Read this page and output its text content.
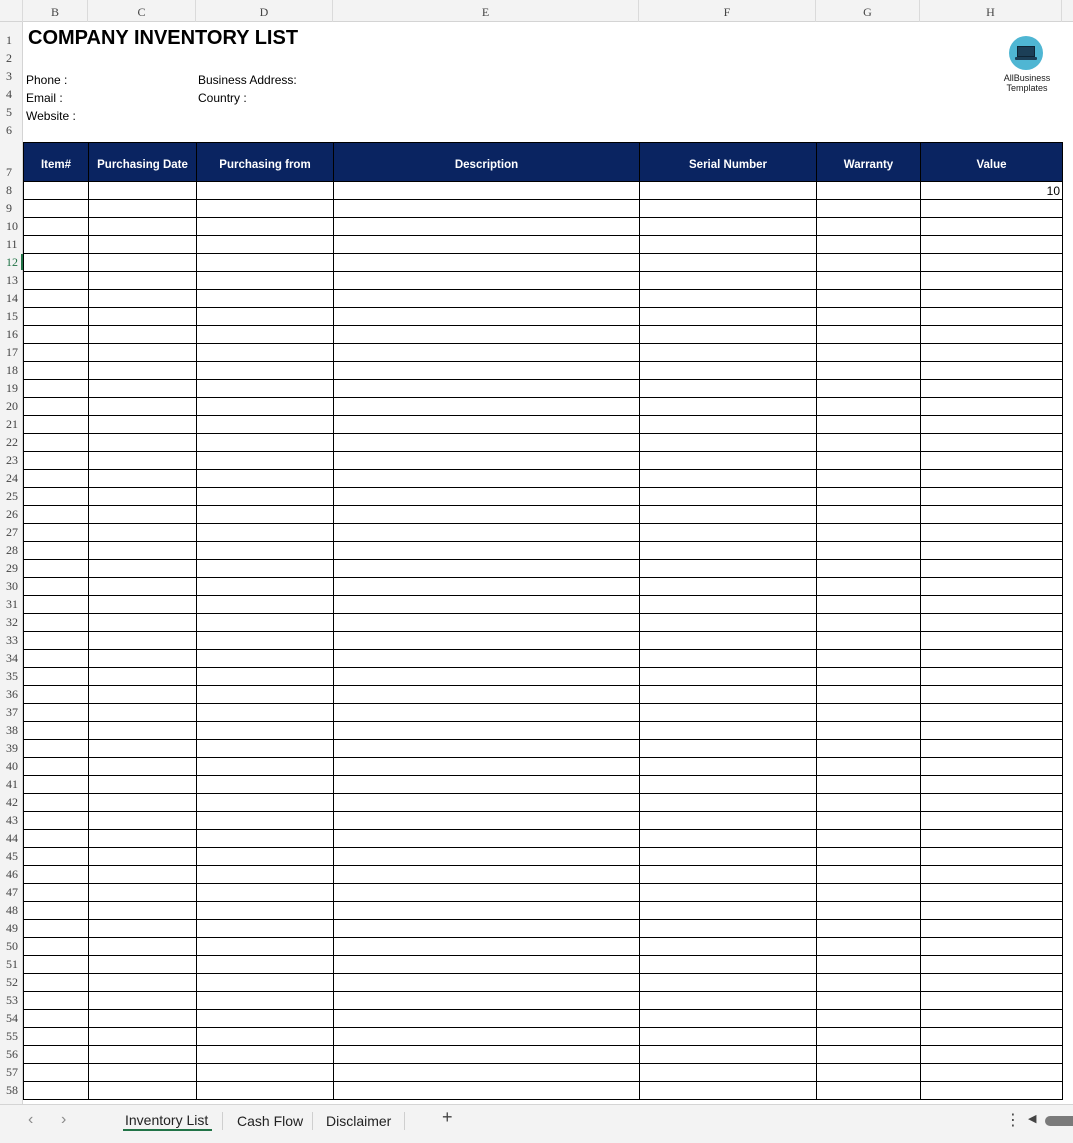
B	C	D	E	F	G	H
1
2
3
4
5
6
7
8
9
10
11
12
13
14
15
16
17
18
19
20
21
22
23
24
25
26
27
28
29
30
31
32
33
34
35
36
37
38
39
40
41
42
43
44
45
46
47
48
49
50
51
52
53
54
55
56
57
58
COMPANY INVENTORY LIST
Phone :
Email :
Website :
Business Address:
Country :
AllBusiness
Templates
Item#	Purchasing Date	Purchasing from	Description	Serial Number	Warranty	Value
						10

‹ ›	Inventory List	Cash Flow	Disclaimer	+	⋮ ◀
